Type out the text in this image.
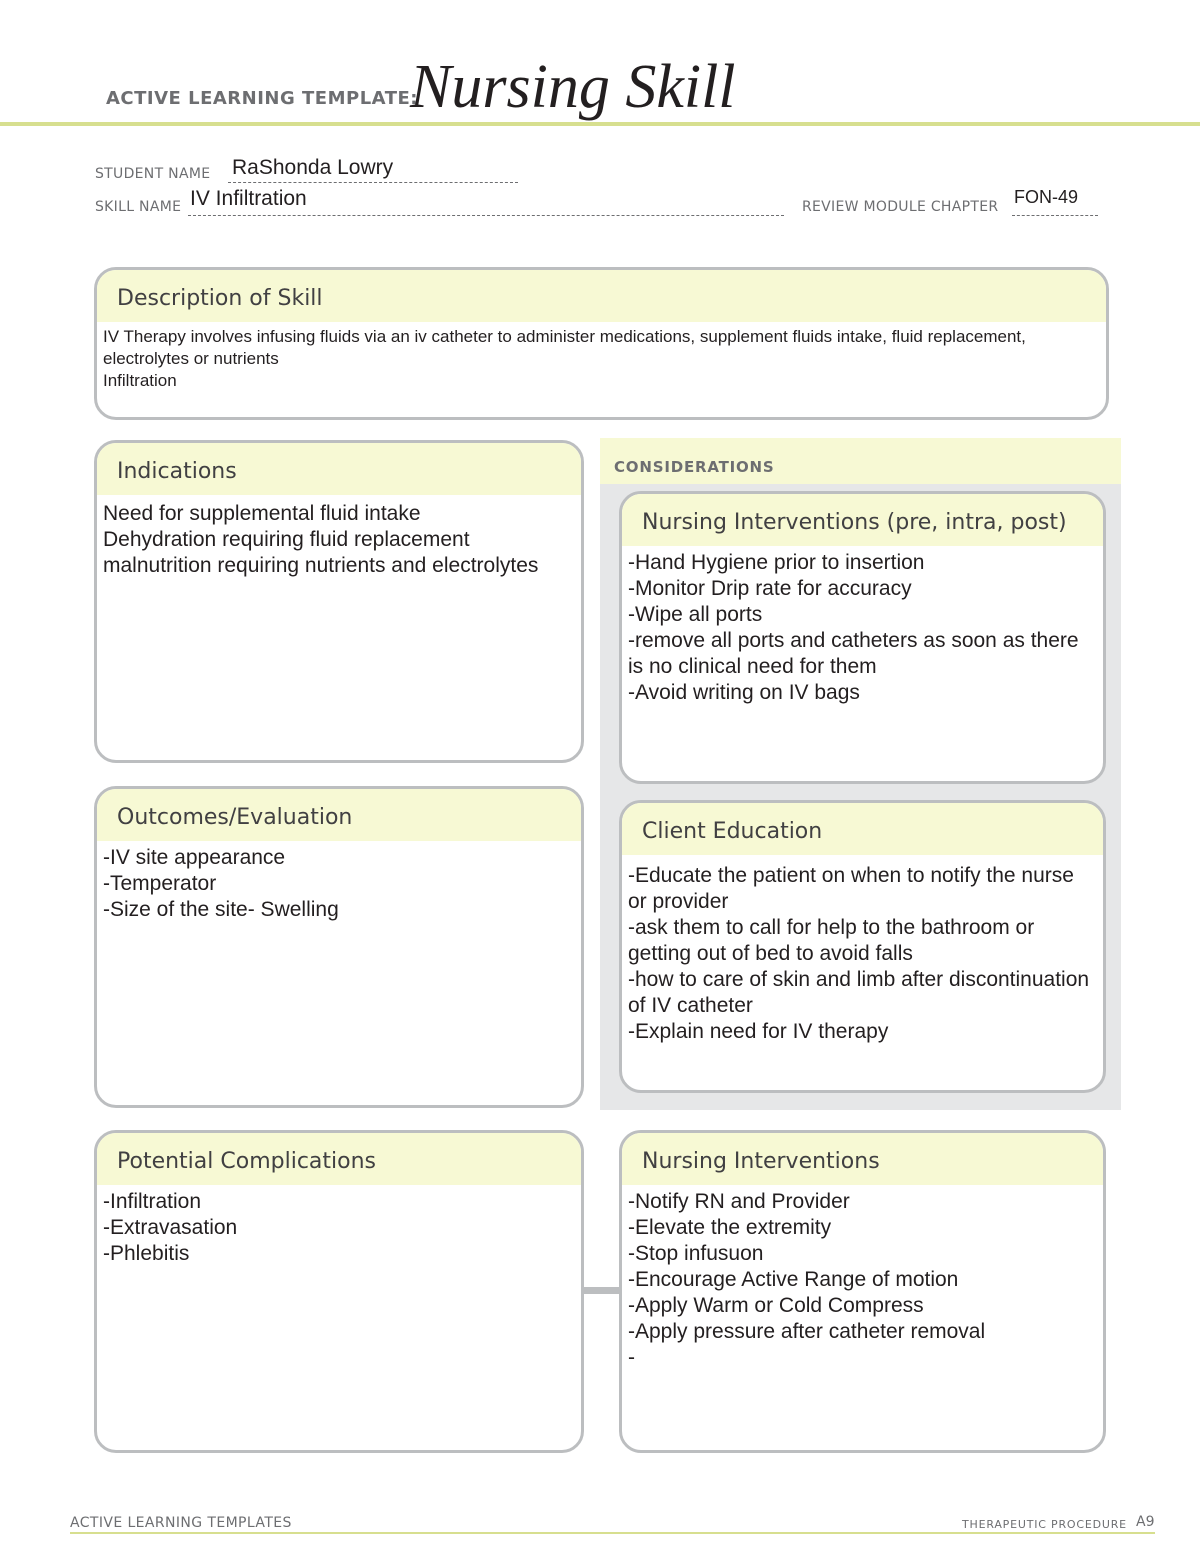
ACTIVE LEARNING TEMPLATE:
Nursing Skill
STUDENT NAME RaShonda Lowry
SKILL NAME IV Infiltration	REVIEW MODULE CHAPTER FON-49
Description of Skill
IV Therapy involves infusing fluids via an iv catheter to administer medications, supplement fluids intake, fluid replacement, electrolytes or nutrients
Infiltration
CONSIDERATIONS
Indications
Need for supplemental fluid intake
Dehydration requiring fluid replacement
malnutrition requiring nutrients and electrolytes
Nursing Interventions (pre, intra, post)
-Hand Hygiene prior to insertion
-Monitor Drip rate for accuracy
-Wipe all ports
-remove all ports and catheters as soon as there is no clinical need for them
-Avoid writing on IV bags
Outcomes/Evaluation
-IV site appearance
-Temperator
-Size of the site- Swelling
Client Education
-Educate the patient on when to notify the nurse or provider
-ask them to call for help to the bathroom or getting out of bed to avoid falls
-how to care of skin and limb after discontinuation of IV catheter
-Explain need for IV therapy
Potential Complications
-Infiltration
-Extravasation
-Phlebitis
Nursing Interventions
-Notify RN and Provider
-Elevate the extremity
-Stop infusuon
-Encourage Active Range of motion
-Apply Warm or Cold Compress
-Apply pressure after catheter removal
-
ACTIVE LEARNING TEMPLATES	THERAPEUTIC PROCEDURE A9
